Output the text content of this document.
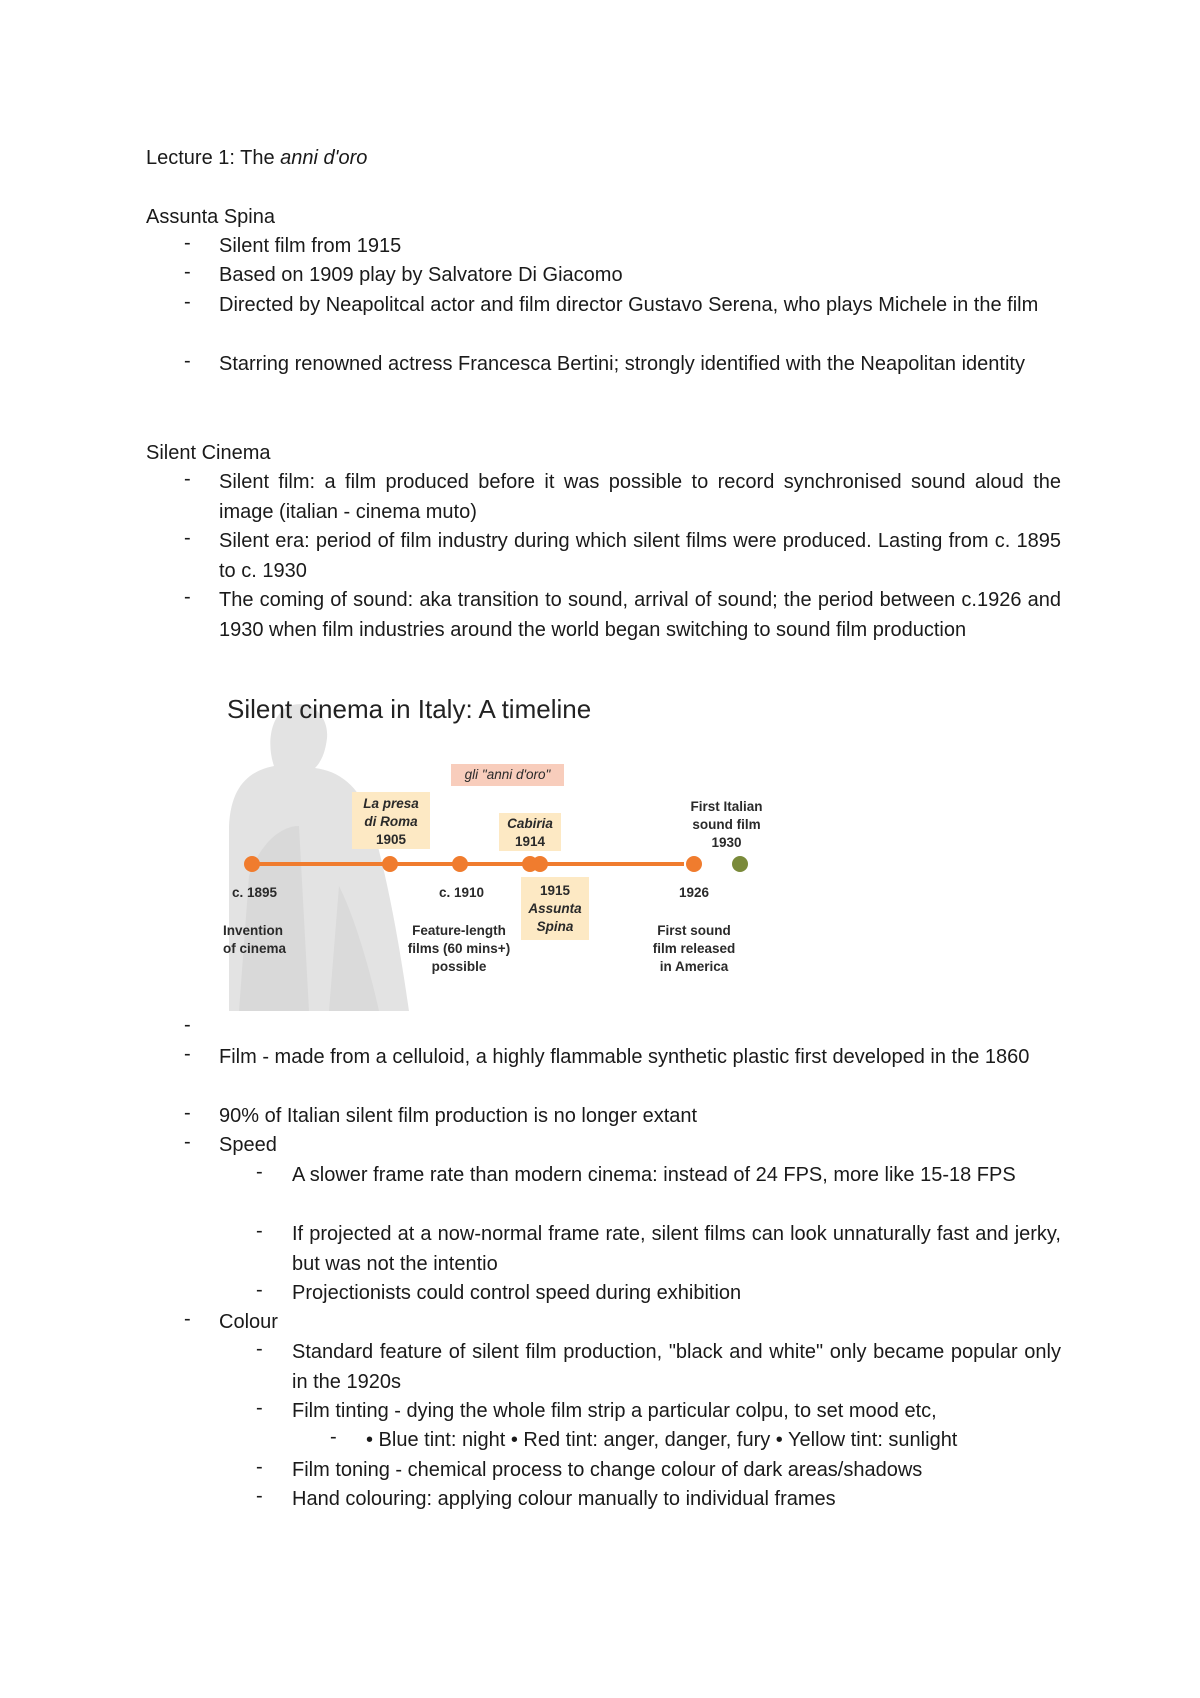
Lecture 1: The anni d'oro
Assunta Spina
-	Silent film from 1915
-	Based on 1909 play by Salvatore Di Giacomo
-	Directed by Neapolitcal actor and film director Gustavo Serena, who plays Michele in the film
-	Starring renowned actress Francesca Bertini; strongly identified with the Neapolitan identity
Silent Cinema
-	Silent film: a film produced before it was possible to record synchronised sound aloud the image (italian - cinema muto)
-	Silent era: period of film industry during which silent films were produced. Lasting from c. 1895 to c. 1930
-	The coming of sound: aka transition to sound, arrival of sound; the period between c.1926 and 1930 when film industries around the world began switching to sound film production
Silent cinema in Italy: A timeline
gli "anni d'oro"
La presa
di Roma
1905
Cabiria
1914
First Italian
sound film
1930
c. 1895
Invention
of cinema
c. 1910
Feature-length
films (60 mins+)
possible
1915
Assunta
Spina
1926
First sound
film released
in America
-
-	Film - made from a celluloid, a highly flammable synthetic plastic first developed in the 1860
-	90% of Italian silent film production is no longer extant
-	Speed
-	A slower frame rate than modern cinema: instead of 24 FPS, more like 15-18 FPS
-	If projected at a now-normal frame rate, silent films can look unnaturally fast and jerky, but was not the intentio
-	Projectionists could control speed during exhibition
-	Colour
-	Standard feature of silent film production, "black and white" only became popular only in the 1920s
-	Film tinting - dying the whole film strip a particular colpu, to set mood etc,
-	• Blue tint: night • Red tint: anger, danger, fury • Yellow tint: sunlight
-	Film toning - chemical process to change colour of dark areas/shadows
-	Hand colouring: applying colour manually to individual frames
